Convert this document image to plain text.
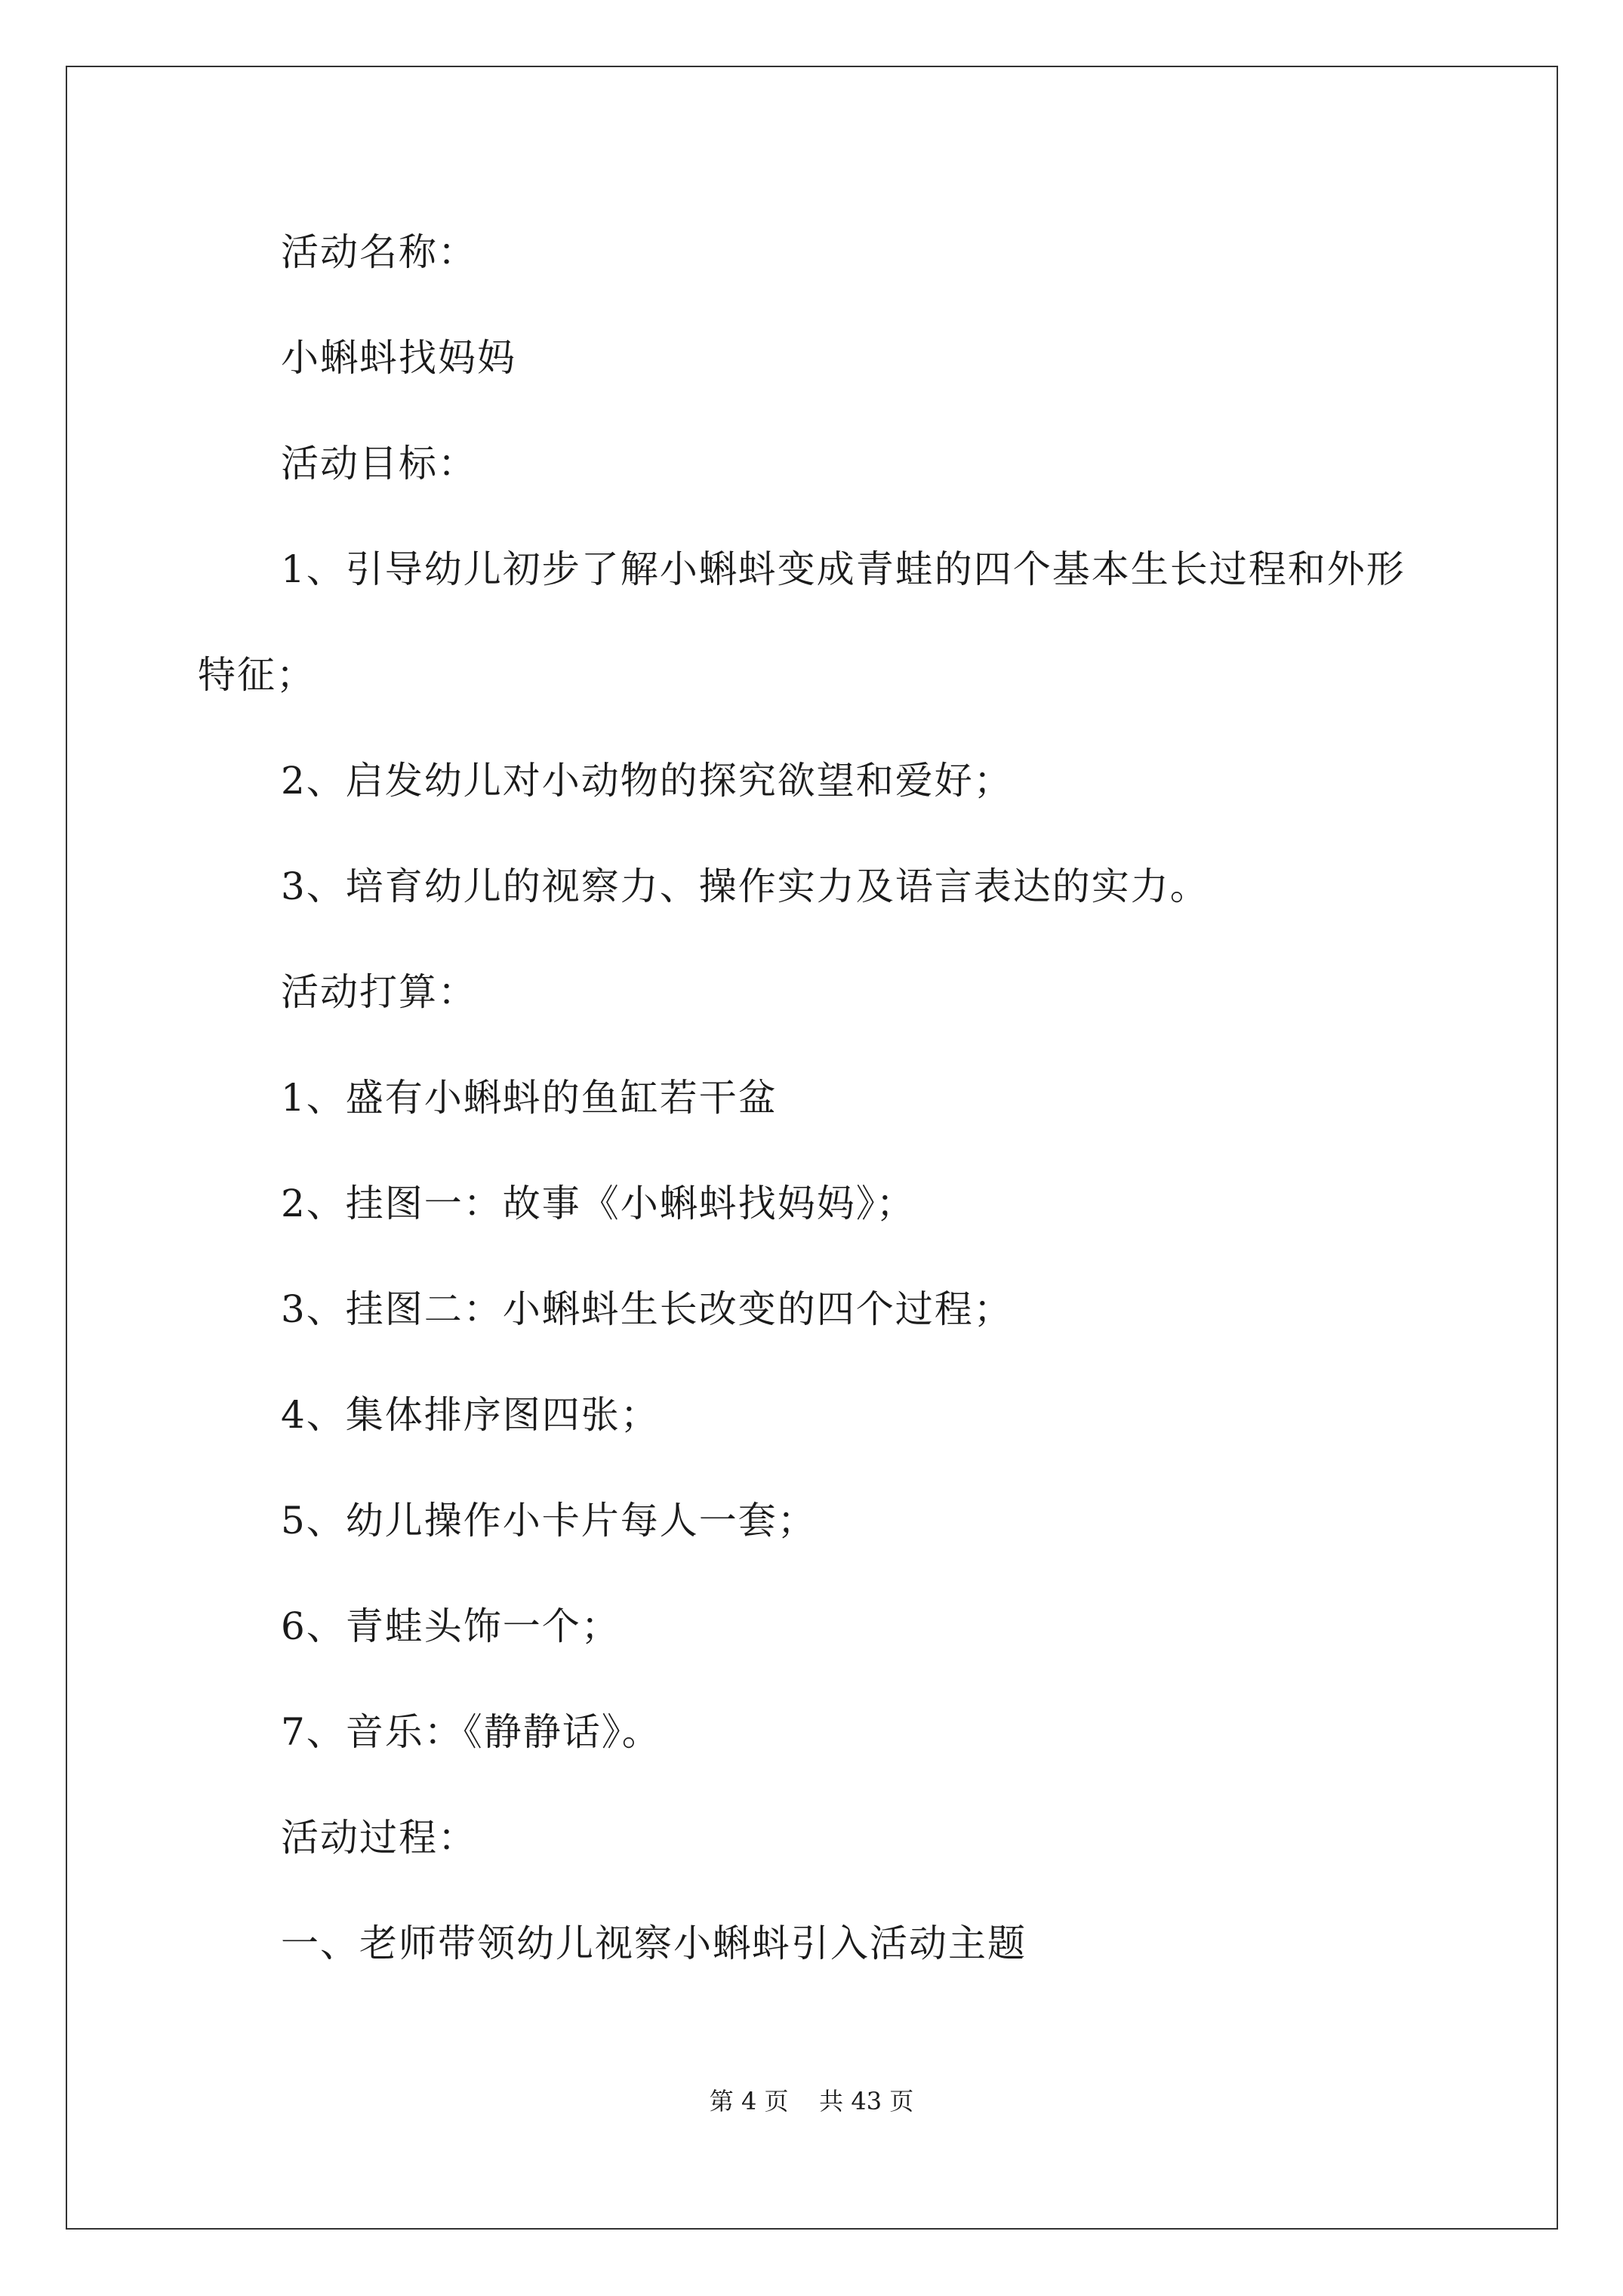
活动名称：
小蝌蚪找妈妈
活动目标：
1、引导幼儿初步了解小蝌蚪变成青蛙的四个基本生长过程和外形
特征；
2、启发幼儿对小动物的探究欲望和爱好；
3、培育幼儿的视察力、操作实力及语言表达的实力。
活动打算：
1、盛有小蝌蚪的鱼缸若干盆
2、挂图一：故事《小蝌蚪找妈妈》；
3、挂图二：小蝌蚪生长改变的四个过程；
4、集体排序图四张；
5、幼儿操作小卡片每人一套；
6、青蛙头饰一个；
7、音乐：《静静话》。
活动过程：
一、老师带领幼儿视察小蝌蚪引入活动主题
第 4 页    共 43 页
